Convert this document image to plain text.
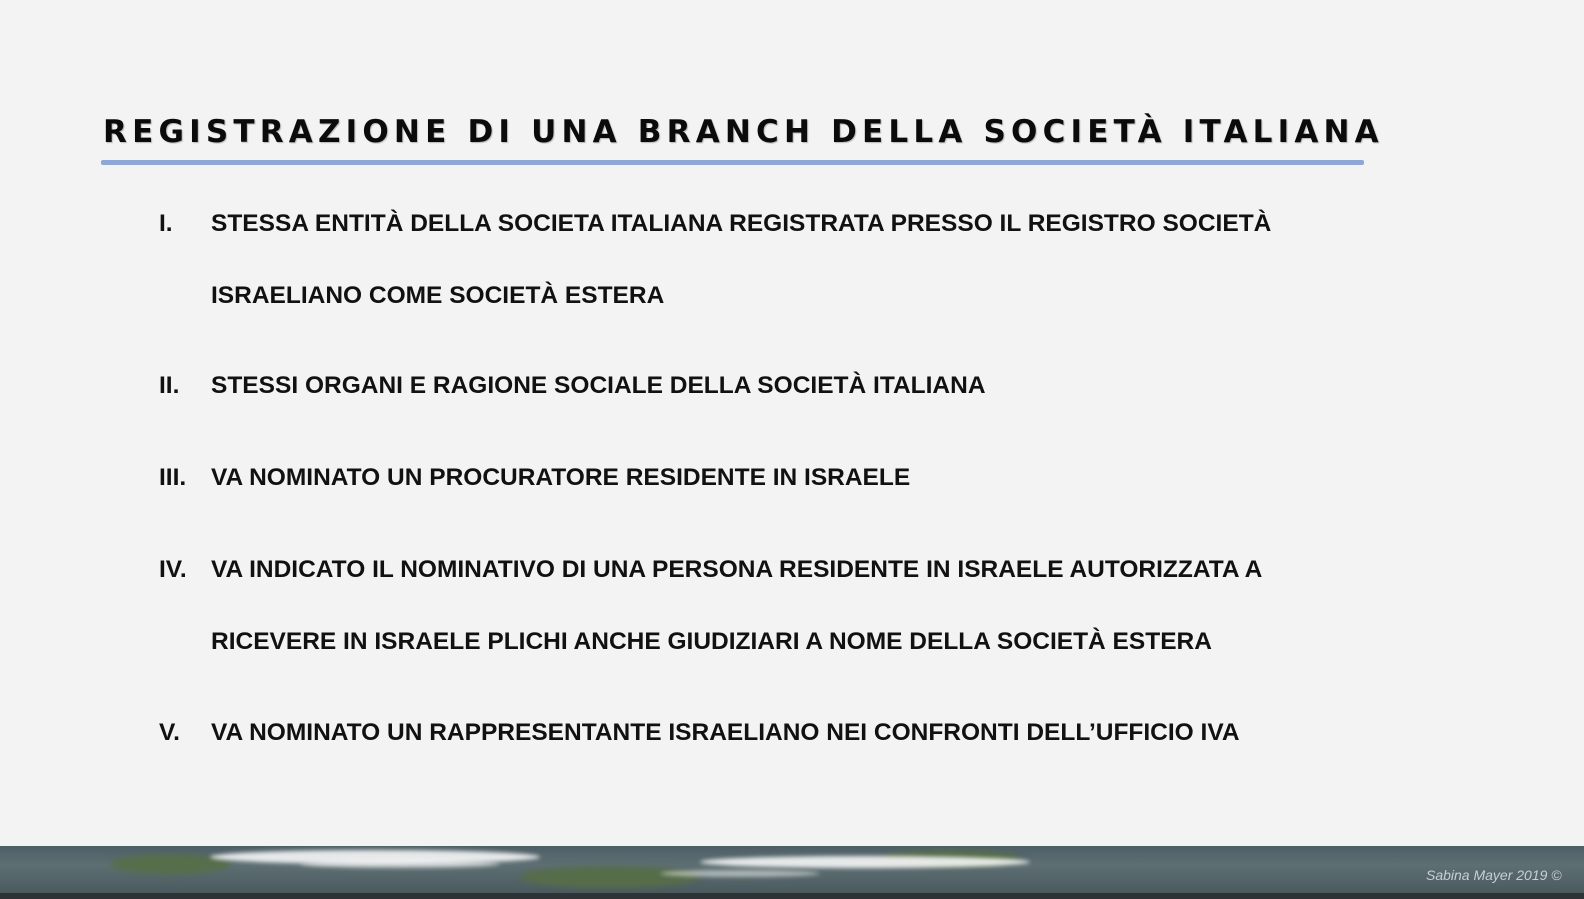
REGISTRAZIONE DI UNA BRANCH DELLA SOCIETÀ ITALIANA
I.	STESSA ENTITÀ DELLA SOCIETA ITALIANA REGISTRATA PRESSO IL REGISTRO SOCIETÀ
ISRAELIANO COME SOCIETÀ ESTERA
II.	STESSI ORGANI E RAGIONE SOCIALE DELLA SOCIETÀ ITALIANA
III.	VA NOMINATO UN PROCURATORE RESIDENTE IN ISRAELE
IV. VA INDICATO IL NOMINATIVO DI UNA PERSONA RESIDENTE IN ISRAELE AUTORIZZATA A
RICEVERE IN ISRAELE PLICHI ANCHE GIUDIZIARI A NOME DELLA SOCIETÀ ESTERA
V.	VA NOMINATO UN RAPPRESENTANTE ISRAELIANO NEI CONFRONTI DELL’UFFICIO IVA
Sabina Mayer 2019 ©
